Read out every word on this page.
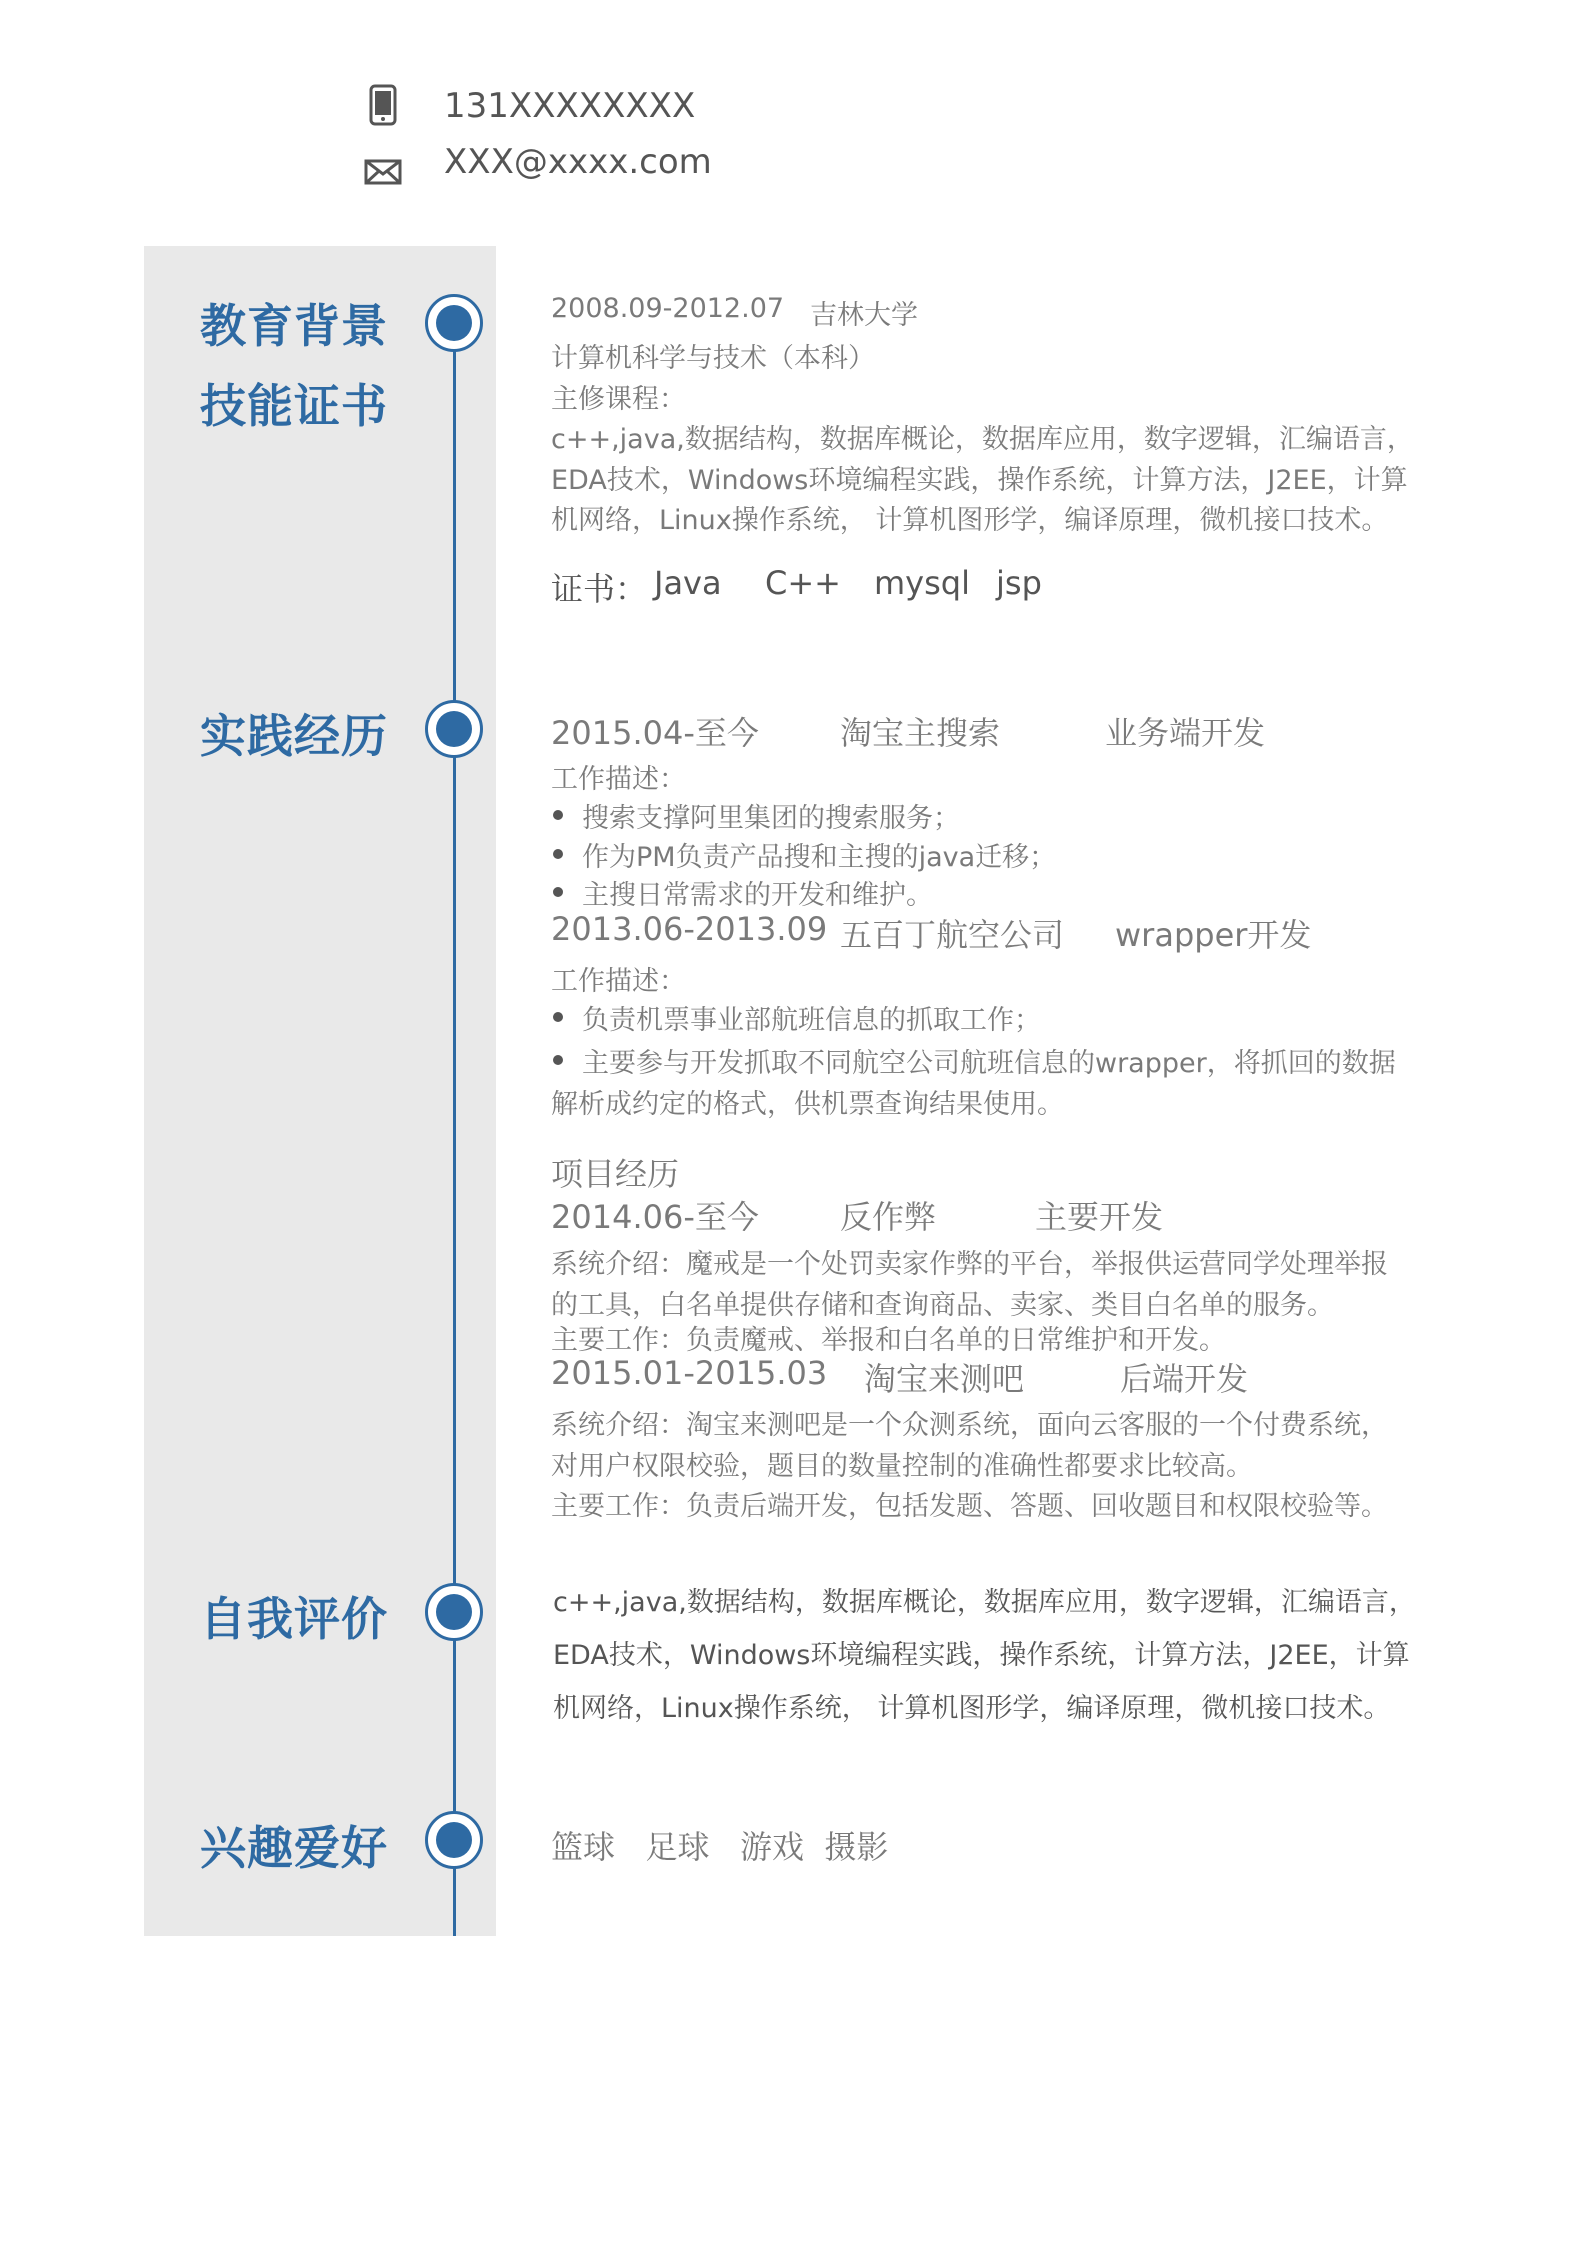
131XXXXXXXX
XXX@xxxx.com
教育背景
技能证书
实践经历
自我评价
兴趣爱好
2008.09-2012.07 吉林大学
计算机科学与技术（本科）
主修课程：
c++,java,数据结构，数据库概论，数据库应用，数字逻辑，汇编语言，
EDA技术，Windows环境编程实践，操作系统，计算方法，J2EE，计算
机网络，Linux操作系统， 计算机图形学，编译原理，微机接口技术。
证书： Java C++ mysql jsp
2015.04-至今	淘宝主搜索	业务端开发
工作描述：
搜索支撑阿里集团的搜索服务；
作为PM负责产品搜和主搜的java迁移；
主搜日常需求的开发和维护。
2013.06-2013.09 五百丁航空公司 wrapper开发
工作描述：
负责机票事业部航班信息的抓取工作；
主要参与开发抓取不同航空公司航班信息的wrapper，将抓回的数据
解析成约定的格式，供机票查询结果使用。
项目经历
2014.06-至今	反作弊	主要开发
系统介绍：魔戒是一个处罚卖家作弊的平台，举报供运营同学处理举报
的工具，白名单提供存储和查询商品、卖家、类目白名单的服务。
主要工作：负责魔戒、举报和白名单的日常维护和开发。
2015.01-2015.03 淘宝来测吧	后端开发
系统介绍：淘宝来测吧是一个众测系统，面向云客服的一个付费系统，
对用户权限校验，题目的数量控制的准确性都要求比较高。
主要工作：负责后端开发，包括发题、答题、回收题目和权限校验等。
c++,java,数据结构，数据库概论，数据库应用，数字逻辑，汇编语言，
EDA技术，Windows环境编程实践，操作系统，计算方法，J2EE，计算
机网络，Linux操作系统， 计算机图形学，编译原理，微机接口技术。
篮球   足球   游戏  摄影
